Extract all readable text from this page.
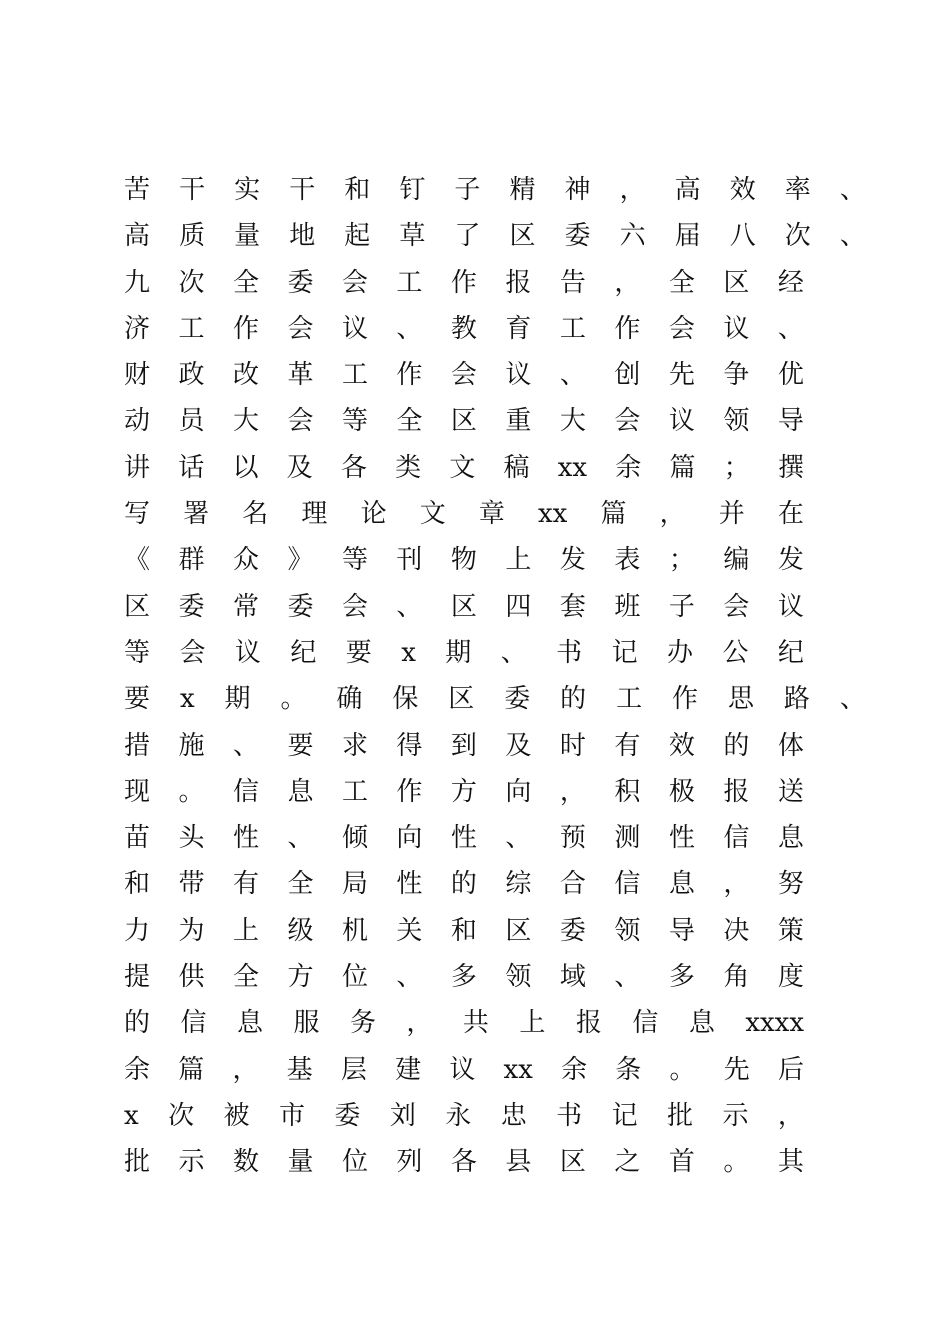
苦 干 实 干 和 钉 子 精 神 ， 高 效 率 、
高 质 量 地 起 草 了 区 委 六 届 八 次 、
九 次 全 委 会 工 作 报 告 ， 全 区 经
济 工 作 会 议 、 教 育 工 作 会 议 、
财 政 改 革 工 作 会 议 、 创 先 争 优
动 员 大 会 等 全 区 重 大 会 议 领 导
讲 话 以 及 各 类 文 稿 xx 余 篇 ； 撰
写 署 名 理 论 文 章 xx 篇 ， 并 在
《 群 众 》 等 刊 物 上 发 表 ； 编 发
区 委 常 委 会 、 区 四 套 班 子 会 议
等 会 议 纪 要 x 期 、 书 记 办 公 纪
要 x 期 。 确 保 区 委 的 工 作 思 路 、
措 施 、 要 求 得 到 及 时 有 效 的 体
现 。 信 息 工 作 方 向 ， 积 极 报 送
苗 头 性 、 倾 向 性 、 预 测 性 信 息
和 带 有 全 局 性 的 综 合 信 息 ， 努
力 为 上 级 机 关 和 区 委 领 导 决 策
提 供 全 方 位 、 多 领 域 、 多 角 度
的 信 息 服 务 ， 共 上 报 信 息 xxxx
余 篇 ， 基 层 建 议 xx 余 条 。 先 后
x 次 被 市 委 刘 永 忠 书 记 批 示 ，
批 示 数 量 位 列 各 县 区 之 首 。 其
